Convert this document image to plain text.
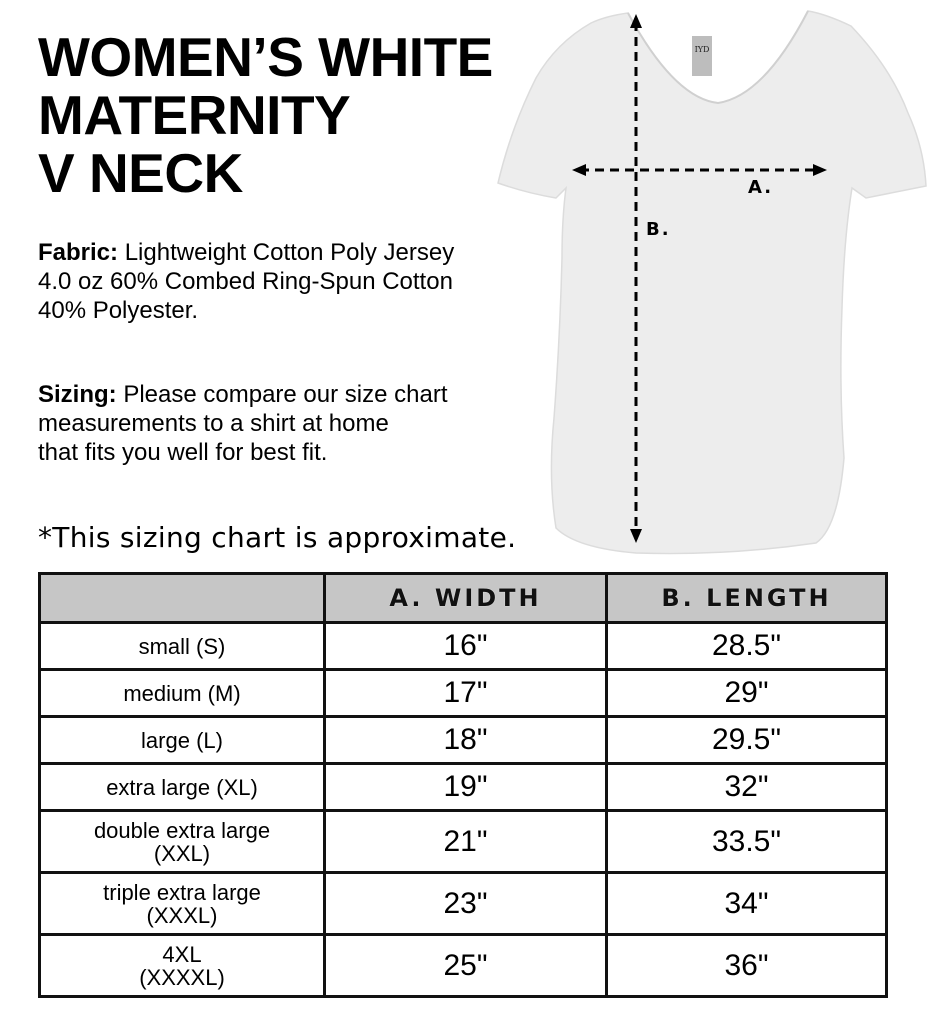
WOMEN’S WHITE
MATERNITY
V NECK
Fabric: Lightweight Cotton Poly Jersey
4.0 oz 60% Combed Ring-Spun Cotton
40% Polyester.
Sizing: Please compare our size chart
measurements to a shirt at home
that fits you well for best fit.
*This sizing chart is approximate.
IYD
A.
B.
	A. WIDTH	B. LENGTH
small (S)	16"	28.5"
medium (M)	17"	29"
large (L)	18"	29.5"
extra large (XL)	19"	32"
double extra large
(XXL)	21"	33.5"
triple extra large
(XXXL)	23"	34"
4XL
(XXXXL)	25"	36"
